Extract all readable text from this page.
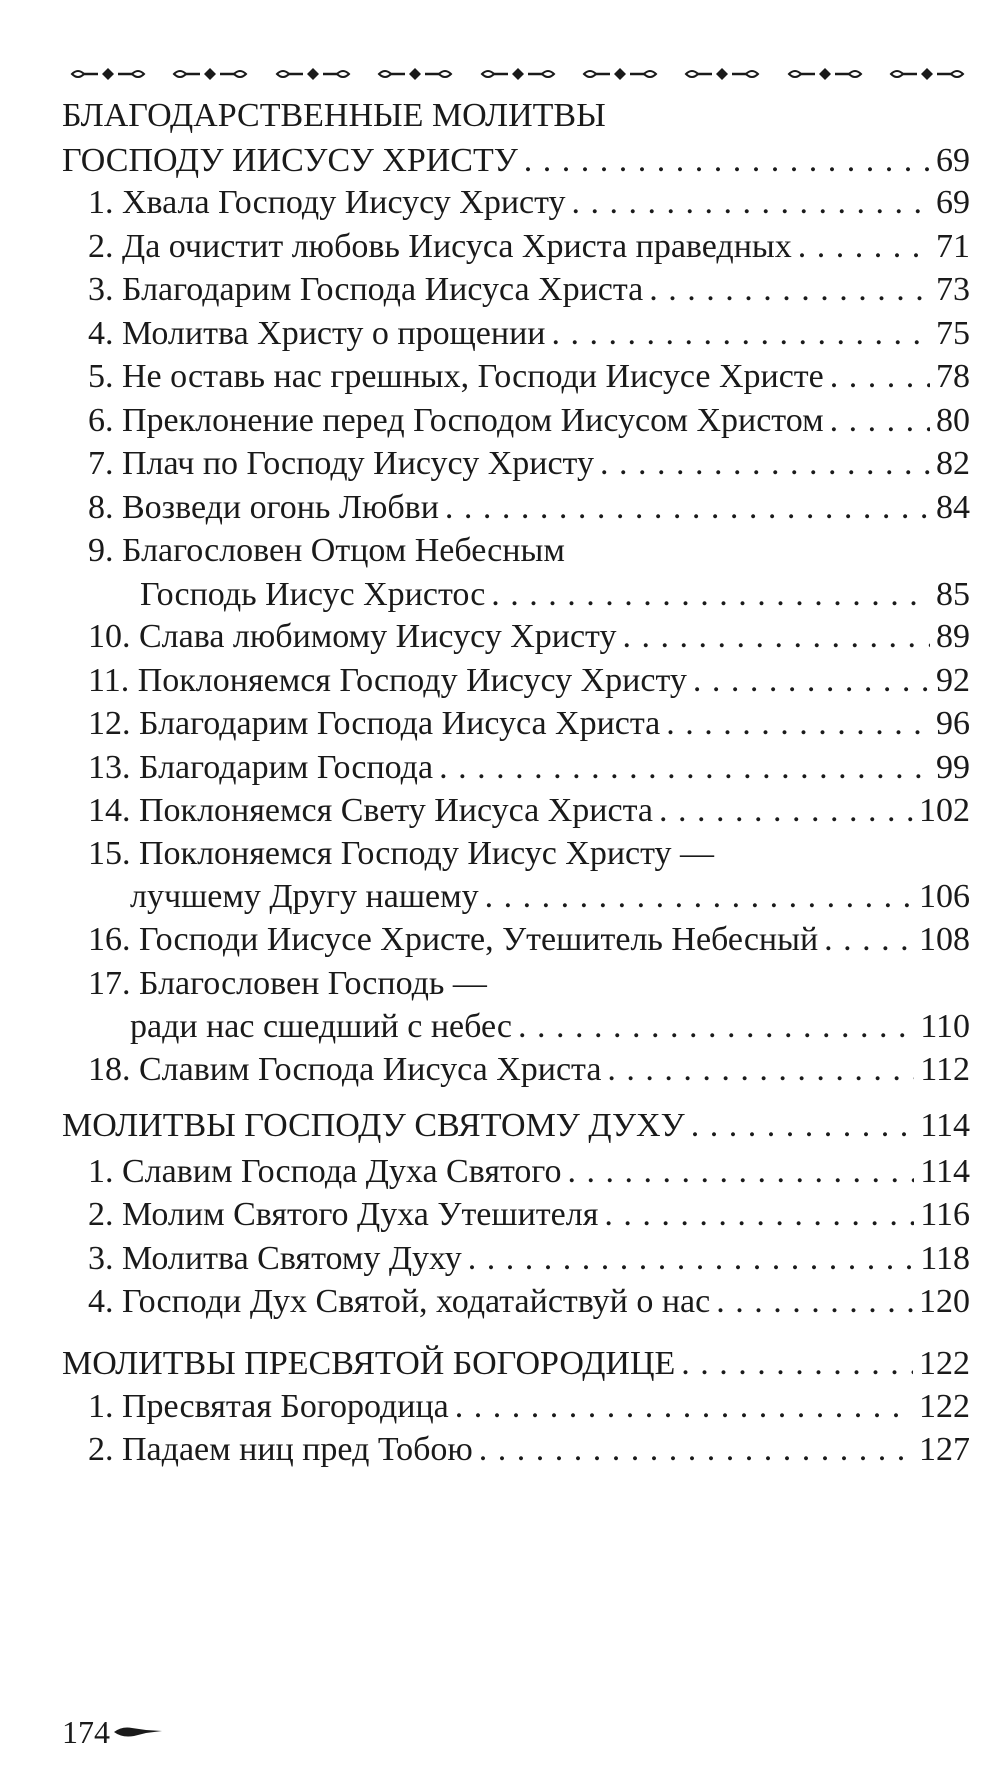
БЛАГОДАРСТВЕННЫЕ МОЛИТВЫ
ГОСПОДУ ИИСУСУ ХРИСТУ . . .	69
1. Хвала Господу Иисусу Христу . . .	69
2. Да очистит любовь Иисуса Христа праведных . . .	71
3. Благодарим Господа Иисуса Христа . . .	73
4. Молитва Христу о прощении . . .	75
5. Не оставь нас грешных, Господи Иисусе Христе . . .	78
6. Преклонение перед Господом Иисусом Христом . . .	80
7. Плач по Господу Иисусу Христу . . .	82
8. Возведи огонь Любви . . .	84
9. Благословен Отцом Небесным
Господь Иисус Христос . . .	85
10. Слава любимому Иисусу Христу . . .	89
11. Поклоняемся Господу Иисусу Христу . . .	92
12. Благодарим Господа Иисуса Христа . . .	96
13. Благодарим Господа . . .	99
14. Поклоняемся Свету Иисуса Христа . . .	102
15. Поклоняемся Господу Иисус Христу —
лучшему Другу нашему . . .	106
16. Господи Иисусе Христе, Утешитель Небесный . . .	108
17. Благословен Господь —
ради нас сшедший с небес . . .	110
18. Славим Господа Иисуса Христа . . .	112
МОЛИТВЫ ГОСПОДУ СВЯТОМУ ДУХУ . . .	114
1. Славим Господа Духа Святого . . .	114
2. Молим Святого Духа Утешителя . . .	116
3. Молитва Святому Духу . . .	118
4. Господи Дух Святой, ходатайствуй о нас . . .	120
МОЛИТВЫ ПРЕСВЯТОЙ БОГОРОДИЦЕ . . .	122
1. Пресвятая Богородица . . .	122
2. Падаем ниц пред Тобою . . .	127
174
